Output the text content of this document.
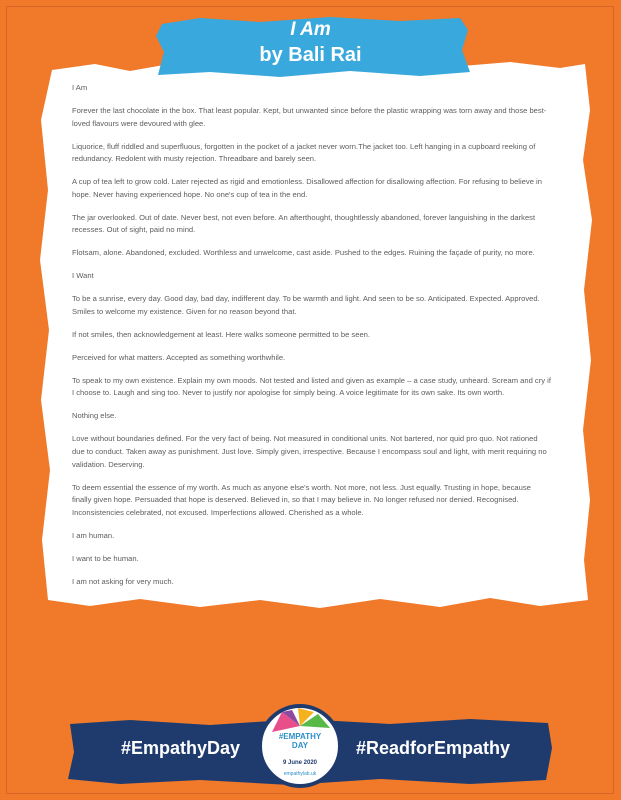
I Am
by Bali Rai

I Am

Forever the last chocolate in the box. That least popular. Kept, but unwanted since before the plastic wrapping was torn away and those best-loved flavours were devoured with glee.

Liquorice, fluff riddled and superfluous, forgotten in the pocket of a jacket never worn.The jacket too. Left hanging in a cupboard reeking of redundancy. Redolent with musty rejection. Threadbare and barely seen.

A cup of tea left to grow cold. Later rejected as rigid and emotionless. Disallowed affection for disallowing affection. For refusing to believe in hope. Never having experienced hope. No one's cup of tea in the end.

The jar overlooked. Out of date. Never best, not even before. An afterthought, thoughtlessly abandoned, forever languishing in the darkest recesses. Out of sight, paid no mind.

Flotsam, alone. Abandoned, excluded. Worthless and unwelcome, cast aside. Pushed to the edges. Ruining the façade of purity, no more.

I Want

To be a sunrise, every day. Good day, bad day, indifferent day. To be warmth and light. And seen to be so. Anticipated. Expected. Approved. Smiles to welcome my existence. Given for no reason beyond that.

If not smiles, then acknowledgement at least. Here walks someone permitted to be seen.

Perceived for what matters. Accepted as something worthwhile.

To speak to my own existence. Explain my own moods. Not tested and listed and given as example – a case study, unheard. Scream and cry if I choose to. Laugh and sing too. Never to justify nor apologise for simply being. A voice legitimate for its own sake. Its own worth.

Nothing else.

Love without boundaries defined. For the very fact of being. Not measured in conditional units. Not bartered, nor quid pro quo. Not rationed due to conduct. Taken away as punishment. Just love. Simply given, irrespective. Because I encompass soul and light, with merit requiring no validation. Deserving.

To deem essential the essence of my worth. As much as anyone else's worth. Not more, not less. Just equally. Trusting in hope, because finally given hope. Persuaded that hope is deserved. Believed in, so that I may believe in. No longer refused nor denied. Recognised. Inconsistencies celebrated, not excused. Imperfections allowed. Cherished as a whole.

I am human.

I want to be human.

I am not asking for very much.

#EmpathyDay	#ReadforEmpathy
#EMPATHY
DAY
9 June 2020
empathylab.uk
